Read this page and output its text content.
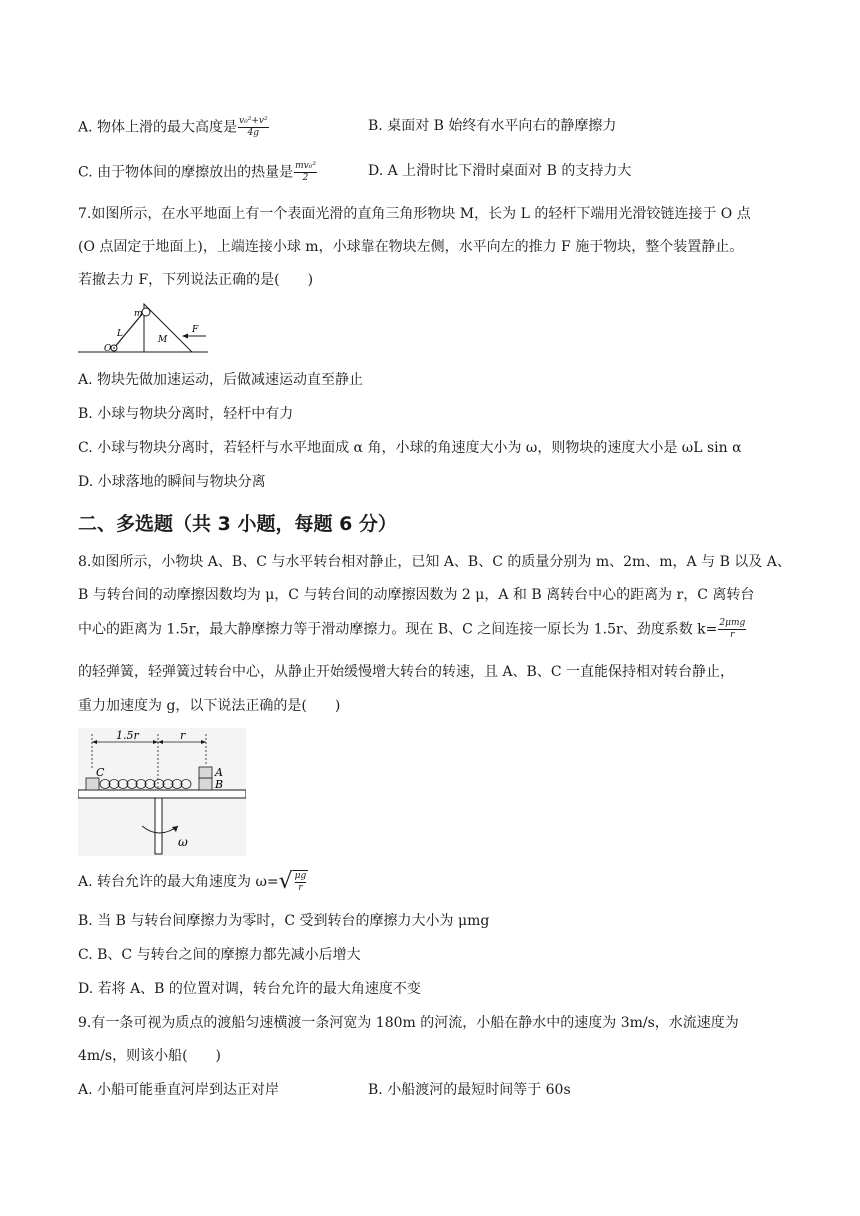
A. 物体上滑的最大高度是 $\frac{\text{v₀²+v²}}{4g}$	B. 桌面对 B 始终有水平向右的静摩擦力
C. 由于物体间的摩擦放出的热量是 $\frac{\text{mv₀²}}{2}$	D. A 上滑时比下滑时桌面对 B 的支持力大
7.如图所示，在水平地面上有一个表面光滑的直角三角形物块 M，长为 L 的轻杆下端用光滑铰链连接于 O 点
(O 点固定于地面上)，上端连接小球 m，小球靠在物块左侧，水平向左的推力 F 施于物块，整个装置静止。
若撤去力 F，下列说法正确的是(　　)
m
L
O
M
F
A. 物块先做加速运动，后做减速运动直至静止
B. 小球与物块分离时，轻杆中有力
C. 小球与物块分离时，若轻杆与水平地面成 α 角，小球的角速度大小为 ω，则物块的速度大小是 ωL sin α
D. 小球落地的瞬间与物块分离
二、多选题（共 3 小题，每题 6 分）
8.如图所示，小物块 A、B、C 与水平转台相对静止，已知 A、B、C 的质量分别为 m、2m、m，A 与 B 以及 A、
B 与转台间的动摩擦因数均为 μ，C 与转台间的动摩擦因数为 2 μ，A 和 B 离转台中心的距离为 r，C 离转台
中心的距离为 1.5r，最大静摩擦力等于滑动摩擦力。现在 B、C 之间连接一原长为 1.5r、劲度系数 $k= \frac{\text{2μmg}}{r}$
的轻弹簧，轻弹簧过转台中心，从静止开始缓慢增大转台的转速，且 A、B、C 一直能保持相对转台静止，
重力加速度为 g，以下说法正确的是(　　)
1.5r	r
C	A
B
ω
A. 转台允许的最大角速度为 $\omega=√ \frac{\mu g}{r}$
B. 当 B 与转台间摩擦力为零时，C 受到转台的摩擦力大小为 μmg
C. B、C 与转台之间的摩擦力都先减小后增大
D. 若将 A、B 的位置对调，转台允许的最大角速度不变
9.有一条可视为质点的渡船匀速横渡一条河宽为 180m 的河流，小船在静水中的速度为 3m/s，水流速度为
4m/s，则该小船(　　)
A. 小船可能垂直河岸到达正对岸	B. 小船渡河的最短时间等于 60s
